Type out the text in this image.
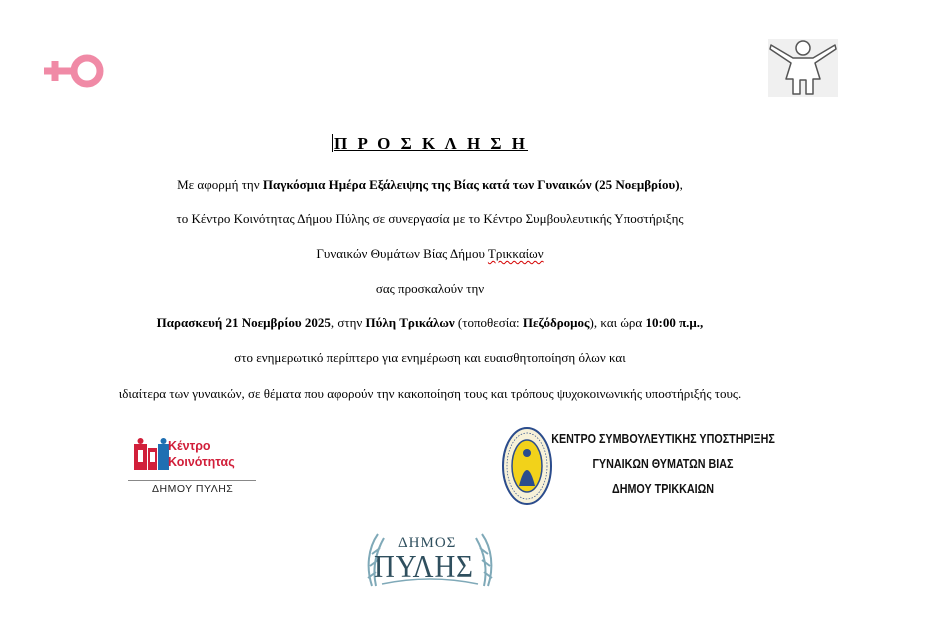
Π Ρ Ο Σ Κ Λ Η Σ Η
Με αφορμή την Παγκόσμια Ημέρα Εξάλειψης της Βίας κατά των Γυναικών (25 Νοεμβρίου),
το Κέντρο Κοινότητας Δήμου Πύλης σε συνεργασία με το Κέντρο Συμβουλευτικής Υποστήριξης
Γυναικών Θυμάτων Βίας Δήμου Τρικκαίων
σας προσκαλούν την
Παρασκευή 21 Νοεμβρίου 2025, στην Πύλη Τρικάλων (τοποθεσία: Πεζόδρομος), και ώρα 10:00 π.μ.,
στο ενημερωτικό περίπτερο για ενημέρωση και ευαισθητοποίηση όλων και
ιδιαίτερα των γυναικών, σε θέματα που αφορούν την κακοποίηση τους και τρόπους ψυχοκοινωνικής υποστήριξής τους.
Κέντρο
Κοινότητας
ΔΗΜΟΥ ΠΥΛΗΣ
ΚΕΝΤΡΟ ΣΥΜΒΟΥΛΕΥΤΙΚΗΣ ΥΠΟΣΤΗΡΙΞΗΣ
ΓΥΝΑΙΚΩΝ ΘΥΜΑΤΩΝ ΒΙΑΣ
ΔΗΜΟΥ ΤΡΙΚΚΑΙΩΝ
ΔΗΜΟΣ
ΠΥΛΗΣ
